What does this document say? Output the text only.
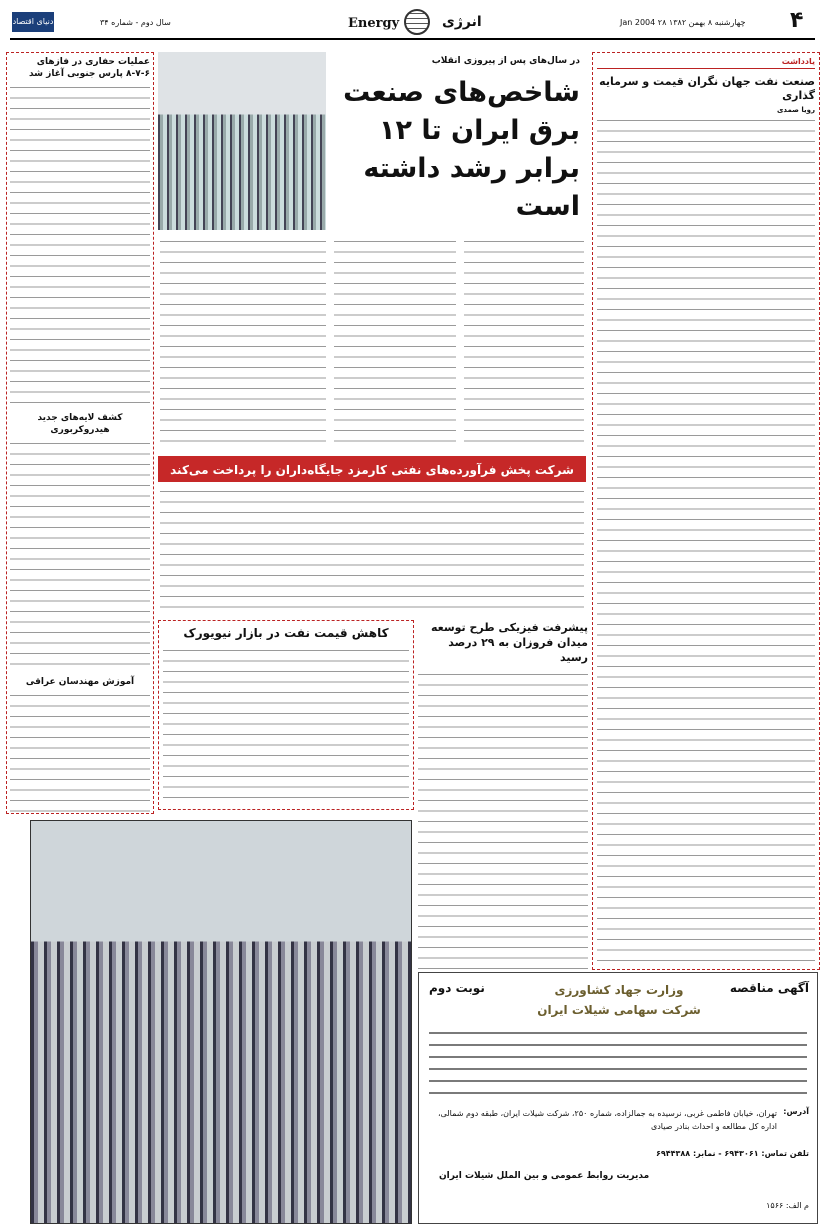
دنیای اقتصاد	سال دوم - شماره ۳۴	Energy	انرژی	چهارشنبه ۸ بهمن ۱۳۸۲ ۲۸ Jan 2004 ۴
یادداشت
صنعت نفت جهان نگران قیمت و سرمایه گذاری
رویا صمدی
در سال‌های پس از پیروزی انقلاب
شاخص‌های صنعت برق ایران تا ۱۲ برابر رشد داشته است
شرکت پخش فرآورده‌های نفتی کارمزد جایگاه‌داران را پرداخت می‌کند
عملیات حفاری در فازهای ۶-۷-۸ پارس جنوبی آغاز شد
کشف لایه‌های جدید هیدروکربوری
آموزش مهندسان عراقی
کاهش قیمت نفت در بازار نیویورک	پیشرفت فیزیکی طرح توسعه میدان فروزان به ۲۹ درصد رسید
آگهی مناقصه
نوبت دوم	وزارت جهاد کشاورزی
شرکت سهامی شیلات ایران
آدرس:
تهران، خیابان فاطمی غربی، نرسیده به جمالزاده، شماره ۲۵۰، شرکت شیلات ایران، طبقه دوم شمالی، اداره کل مطالعه و احداث بنادر صیادی
تلفن تماس: ۶۹۴۳۰۶۱ - نمابر: ۶۹۴۴۳۸۸
مدیریت روابط عمومی و بین الملل شیلات ایران
م الف: ۱۵۶۶
